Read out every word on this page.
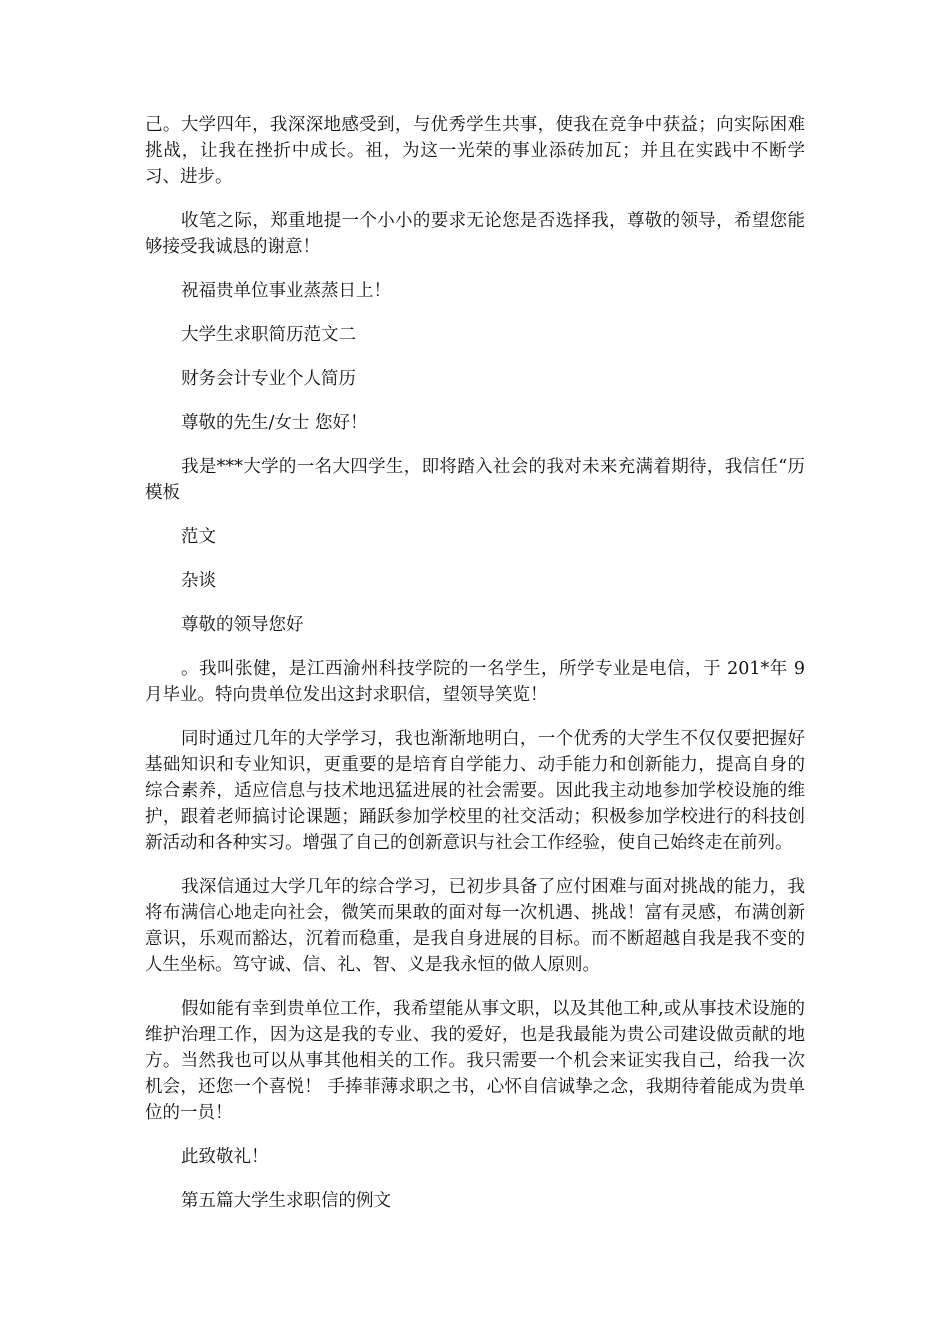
己。大学四年，我深深地感受到，与优秀学生共事，使我在竞争中获益；向实际困难挑战，让我在挫折中成长。祖，为这一光荣的事业添砖加瓦；并且在实践中不断学习、进步。

收笔之际，郑重地提一个小小的要求无论您是否选择我，尊敬的领导，希望您能够接受我诚恳的谢意！

祝福贵单位事业蒸蒸日上！

大学生求职简历范文二

财务会计专业个人简历

尊敬的先生/女士 您好！

我是***大学的一名大四学生，即将踏入社会的我对未来充满着期待，我信任“历模板

范文

杂谈

尊敬的领导您好

。我叫张健，是江西渝州科技学院的一名学生，所学专业是电信，于 201*年 9 月毕业。特向贵单位发出这封求职信，望领导笑览！

同时通过几年的大学学习，我也渐渐地明白，一个优秀的大学生不仅仅要把握好基础知识和专业知识，更重要的是培育自学能力、动手能力和创新能力，提高自身的综合素养，适应信息与技术地迅猛进展的社会需要。因此我主动地参加学校设施的维护，跟着老师搞讨论课题；踊跃参加学校里的社交活动；积极参加学校进行的科技创新活动和各种实习。增强了自己的创新意识与社会工作经验，使自己始终走在前列。

我深信通过大学几年的综合学习，已初步具备了应付困难与面对挑战的能力，我将布满信心地走向社会，微笑而果敢的面对每一次机遇、挑战！富有灵感，布满创新意识，乐观而豁达，沉着而稳重，是我自身进展的目标。而不断超越自我是我不变的人生坐标。笃守诚、信、礼、智、义是我永恒的做人原则。

假如能有幸到贵单位工作，我希望能从事文职，以及其他工种,或从事技术设施的维护治理工作，因为这是我的专业、我的爱好，也是我最能为贵公司建设做贡献的地方。当然我也可以从事其他相关的工作。我只需要一个机会来证实我自己，给我一次机会，还您一个喜悦！ 手捧菲薄求职之书，心怀自信诚挚之念，我期待着能成为贵单位的一员！

此致敬礼！

第五篇大学生求职信的例文
